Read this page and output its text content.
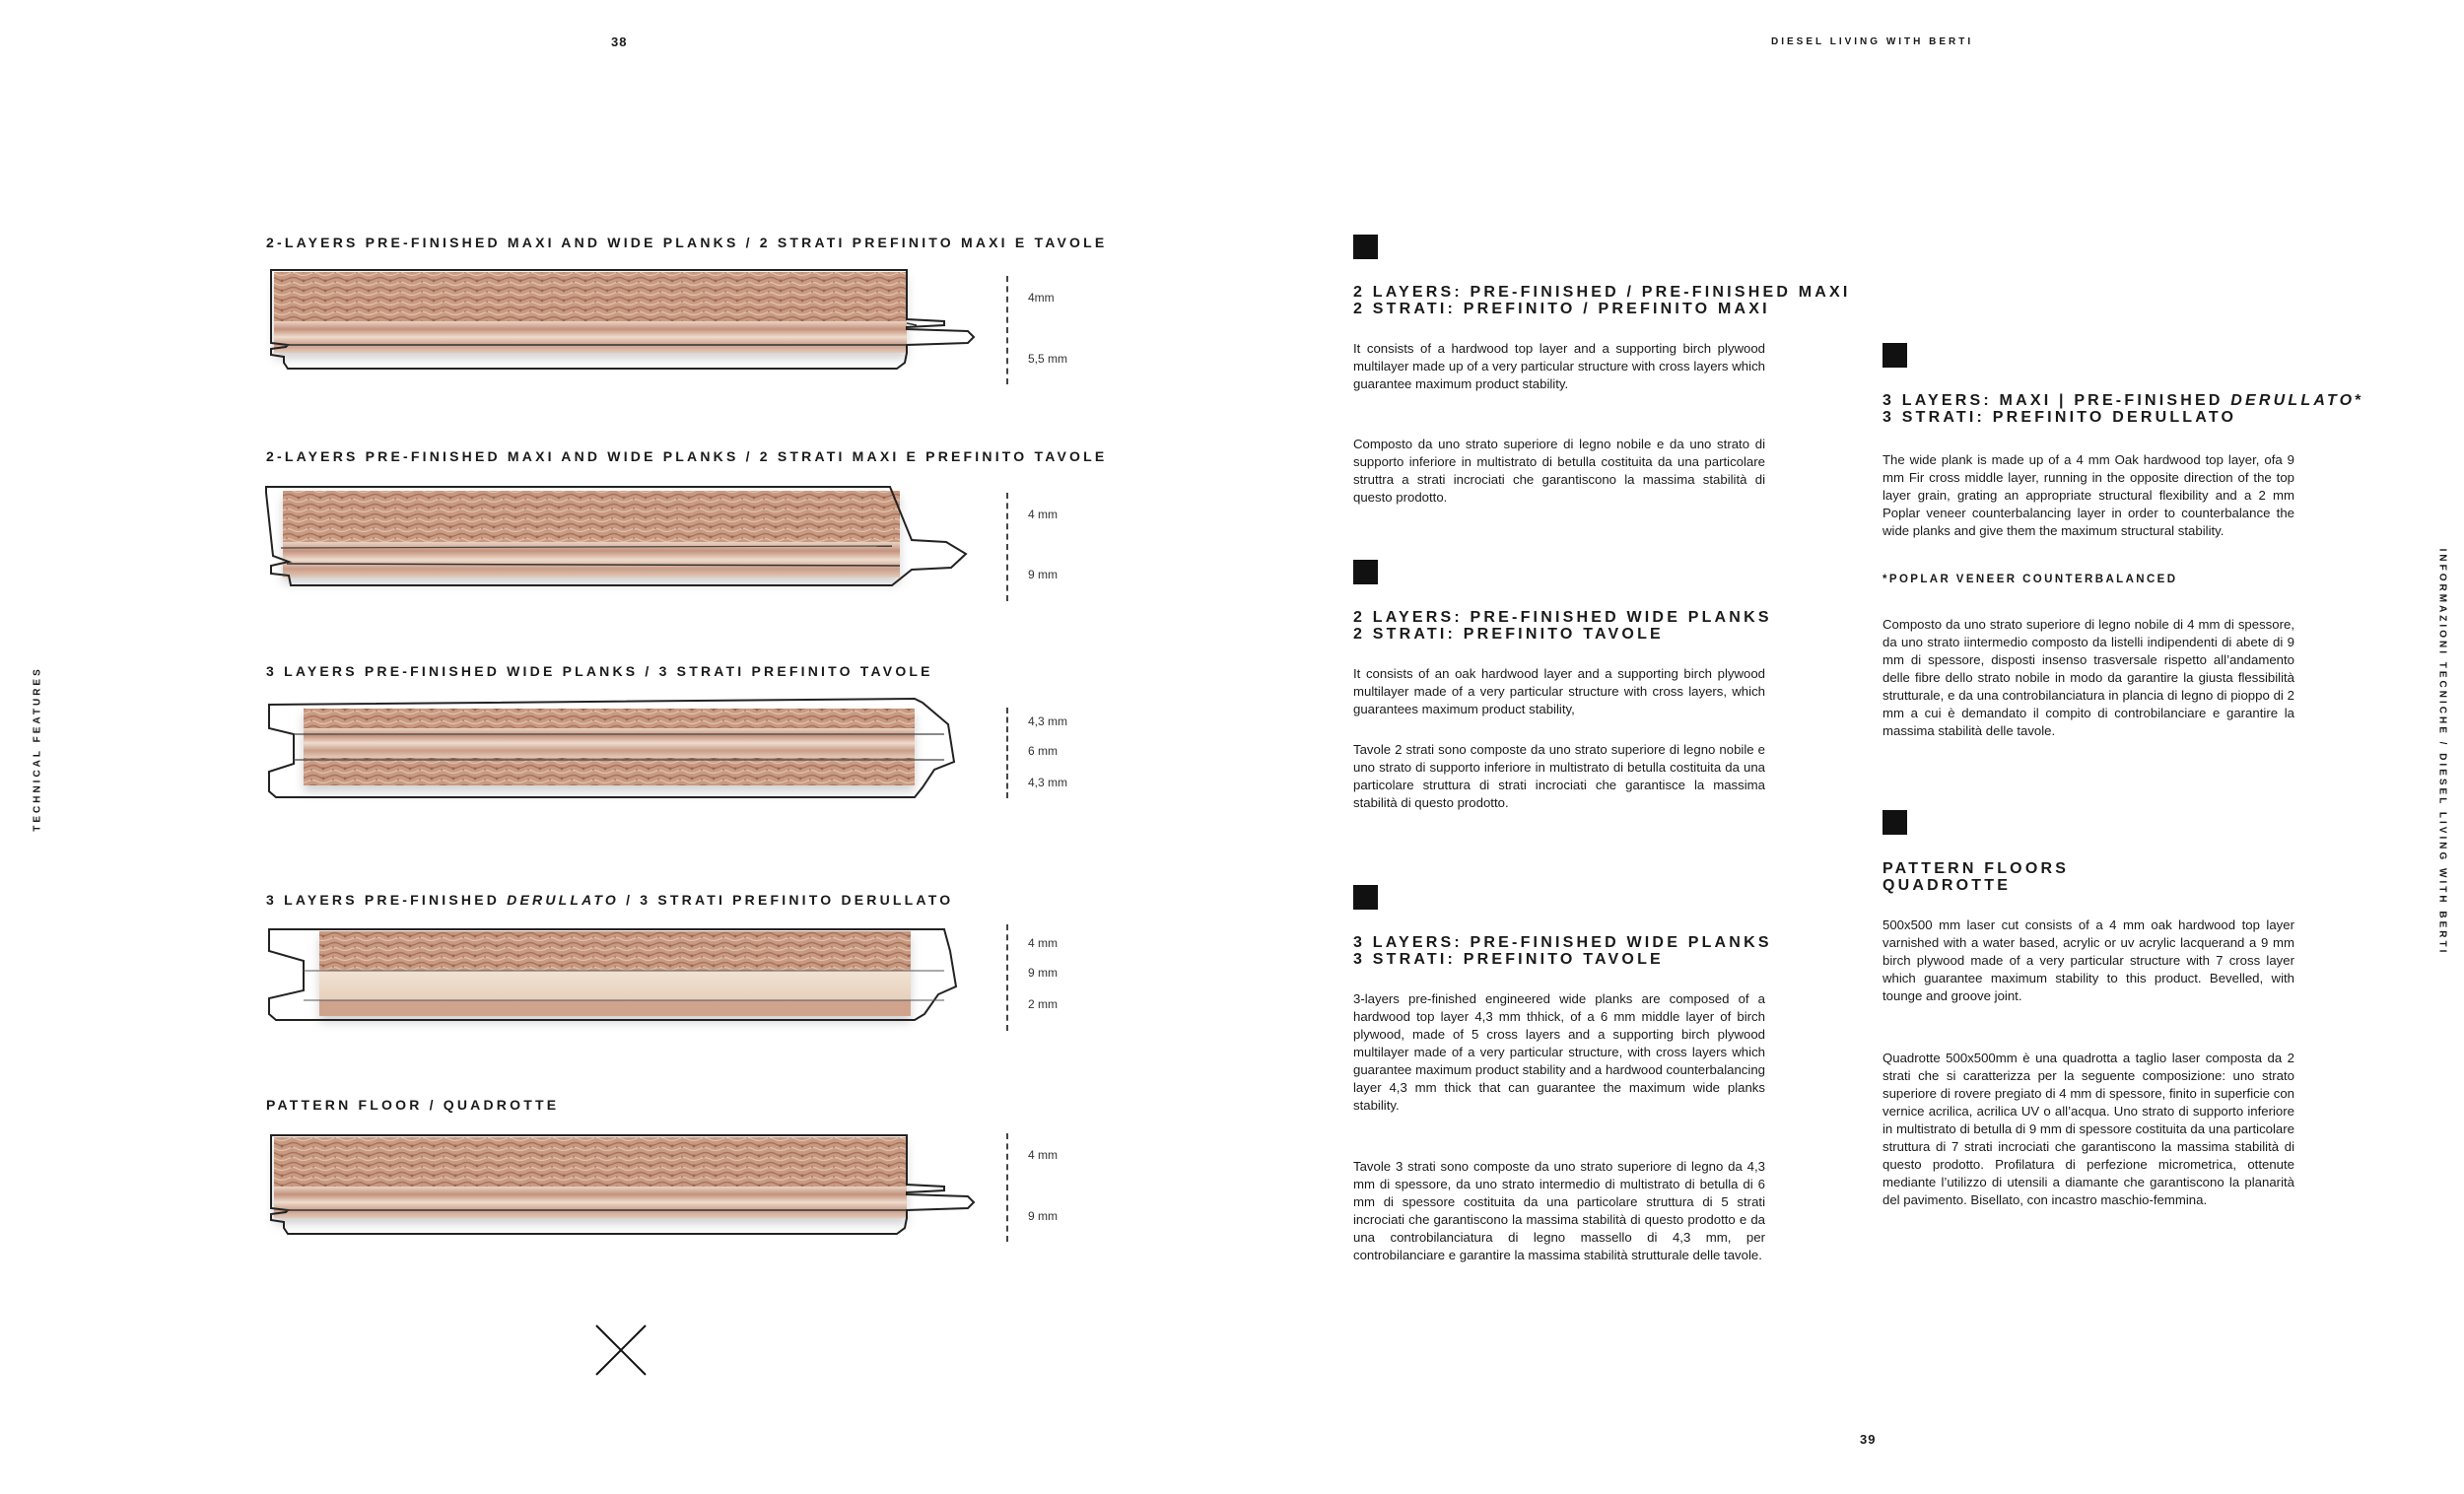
38
TECHNICAL FEATURES
2-LAYERS PRE-FINISHED MAXI AND WIDE PLANKS / 2 STRATI PREFINITO MAXI E TAVOLE
4mm
5,5 mm
2-LAYERS PRE-FINISHED MAXI AND WIDE PLANKS / 2 STRATI MAXI E PREFINITO TAVOLE
4 mm
9 mm
3 LAYERS PRE-FINISHED WIDE PLANKS / 3 STRATI PREFINITO TAVOLE
4,3 mm
6 mm
4,3 mm
3 LAYERS PRE-FINISHED DERULLATO / 3 STRATI PREFINITO DERULLATO
4 mm
9 mm
2 mm
PATTERN FLOOR / QUADROTTE
4 mm
9 mm
DIESEL LIVING WITH BERTI
39
INFORMAZIONI TECNICHE / DIESEL LIVING WITH BERTI
2 LAYERS: PRE-FINISHED / PRE-FINISHED MAXI
2 STRATI: PREFINITO / PREFINITO MAXI
It consists of a hardwood top layer and a supporting birch plywood multilayer made up of a very particular structure with cross layers which guarantee maximum product stability.
Composto da uno strato superiore di legno nobile e da uno strato di supporto inferiore in multistrato di betulla costituita da una particolare struttra a strati incrociati che garantiscono la massima stabilità di questo prodotto.
2 LAYERS: PRE-FINISHED WIDE PLANKS
2 STRATI: PREFINITO TAVOLE
It consists of an oak hardwood layer and a supporting birch plywood multilayer made of a very particular structure with cross layers, which guarantees maximum product stability,
Tavole 2 strati sono composte da uno strato superiore di legno nobile e uno strato di supporto inferiore in multistrato di betulla costituita da una particolare struttura di strati incrociati che garantisce la massima stabilità di questo prodotto.
3 LAYERS: PRE-FINISHED WIDE PLANKS
3 STRATI: PREFINITO TAVOLE
3-layers pre-finished engineered wide planks are composed of a hardwood top layer 4,3 mm thhick, of a 6 mm middle layer of birch plywood, made of 5 cross layers and a supporting birch plywood multilayer made of a very particular structure, with cross layers which guarantee maximum product stability and a hardwood counterbalancing layer 4,3 mm thick that can guarantee the maximum wide planks stability.
Tavole 3 strati sono composte da uno strato superiore di legno da 4,3 mm di spessore, da uno strato intermedio di multistrato di betulla di 6 mm di spessore costituita da una particolare struttura di 5 strati incrociati che garantiscono la massima stabilità di questo prodotto e da una controbilanciatura di legno massello di 4,3 mm, per controbilanciare e garantire la massima stabilità strutturale delle tavole.
3 LAYERS: MAXI | PRE-FINISHED DERULLATO*
3 STRATI: PREFINITO DERULLATO
The wide plank is made up of a 4 mm Oak hardwood top layer, ofa 9 mm Fir cross middle layer, running in the opposite direction of the top layer grain, grating an appropriate structural flexibility and a 2 mm Poplar veneer counterbalancing layer in order to counterbalance the wide planks and give them the maximum structural stability.
*POPLAR VENEER COUNTERBALANCED
Composto da uno strato superiore di legno nobile di 4 mm di spessore, da uno strato iintermedio composto da listelli indipendenti di abete di 9 mm di spessore, disposti insenso trasversale rispetto all’andamento delle fibre dello strato nobile in modo da garantire la giusta flessibilità strutturale, e da una controbilanciatura in plancia di legno di pioppo di 2 mm a cui è demandato il compito di controbilanciare e garantire la massima stabilità delle tavole.
PATTERN FLOORS
QUADROTTE
500x500 mm laser cut consists of a 4 mm oak hardwood top layer varnished with a water based, acrylic or uv acrylic lacquerand a 9 mm birch plywood made of a very particular structure with 7 cross layer which guarantee maximum stability to this product. Bevelled, with tounge and groove joint.
Quadrotte 500x500mm è una quadrotta a taglio laser composta da 2 strati che si caratterizza per la seguente composizione: uno strato superiore di rovere pregiato di 4 mm di spessore, finito in superficie con vernice acrilica, acrilica UV o all’acqua. Uno strato di supporto inferiore in multistrato di betulla di 9 mm di spessore costituita da una particolare struttura di 7 strati incrociati che garantiscono la massima stabilità di questo prodotto. Profilatura di perfezione micrometrica, ottenute mediante l’utilizzo di utensili a diamante che garantiscono la planarità del pavimento. Bisellato, con incastro maschio-femmina.
